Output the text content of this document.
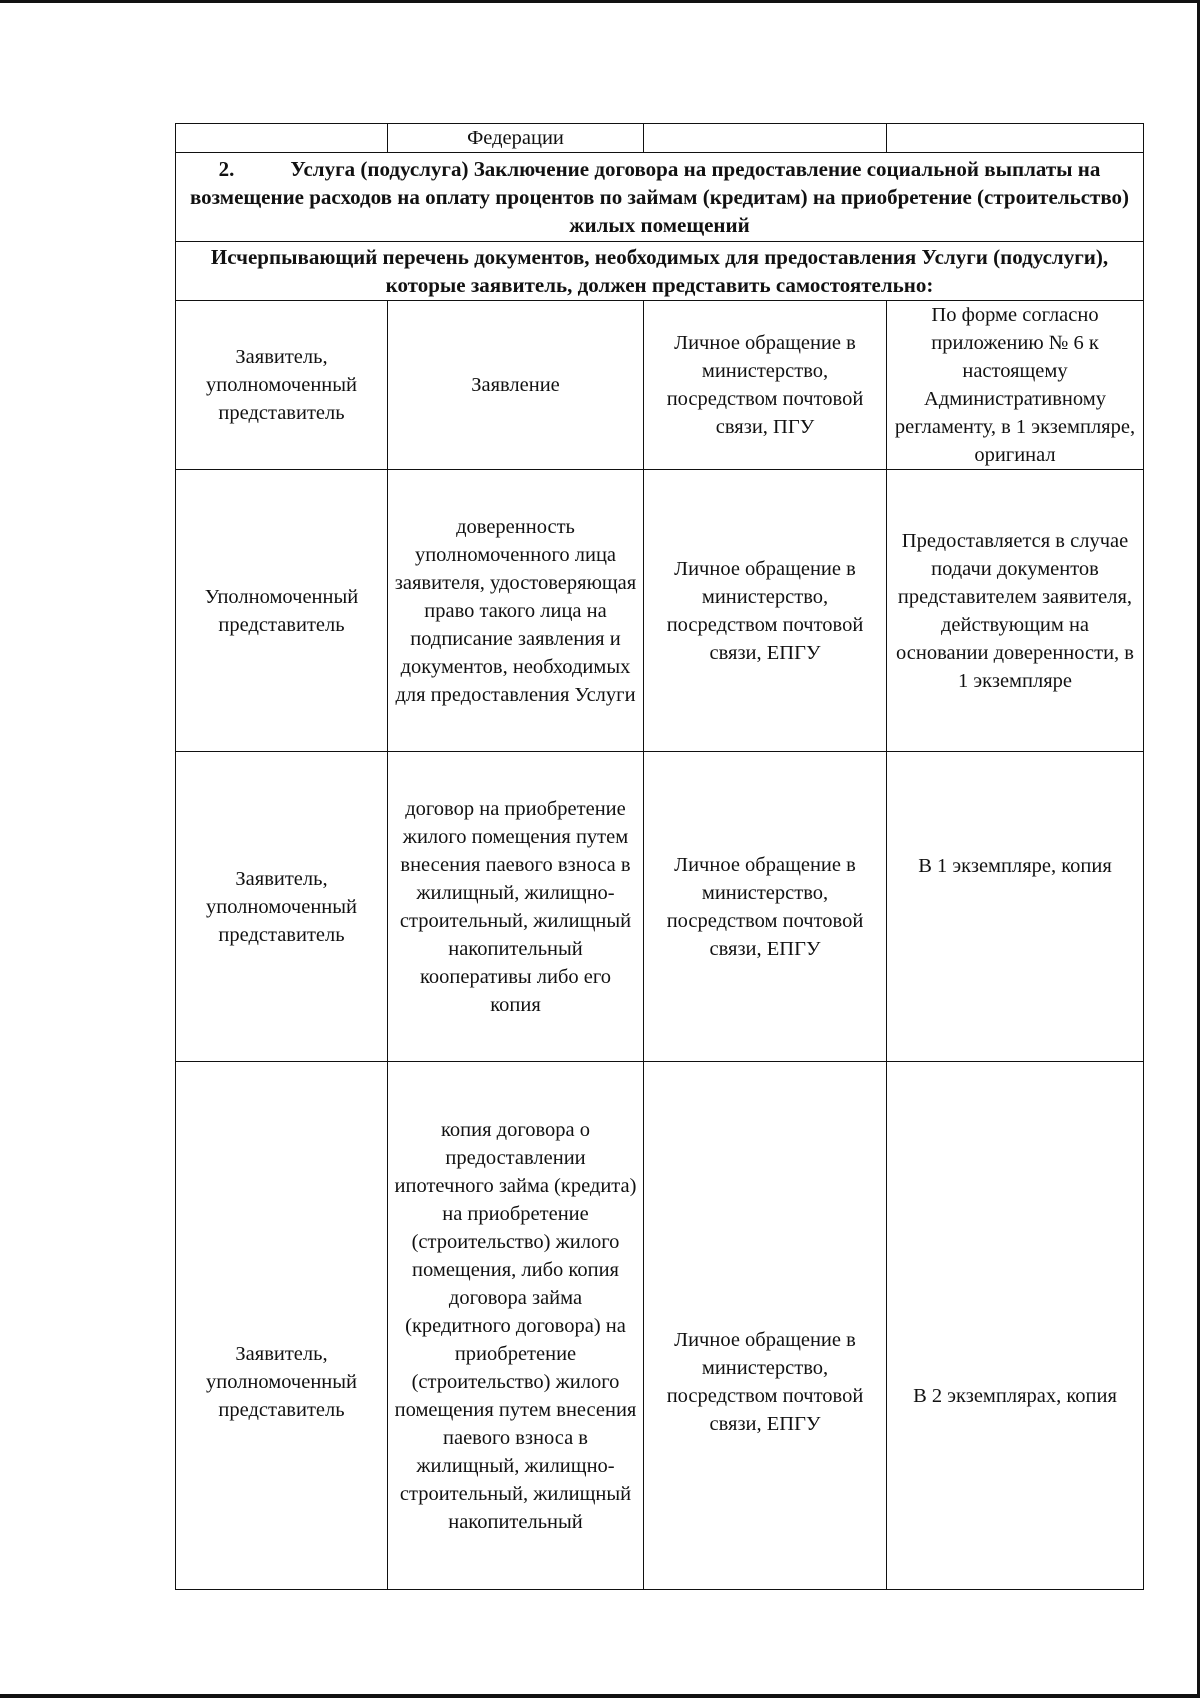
	Федерации		
2. Услуга (подуслуга) Заключение договора на предоставление социальной выплаты на возмещение расходов на оплату процентов по займам (кредитам) на приобретение (строительство) жилых помещений			
Исчерпывающий перечень документов, необходимых для предоставления Услуги (подуслуги), которые заявитель, должен представить самостоятельно:			
Заявитель, уполномоченный представитель	Заявление	Личное обращение в министерство, посредством почтовой связи, ПГУ	По форме согласно приложению № 6 к настоящему Административному регламенту, в 1 экземпляре, оригинал
Уполномоченный представитель	доверенность уполномоченного лица заявителя, удостоверяющая право такого лица на подписание заявления и документов, необходимых для предоставления Услуги	Личное обращение в министерство, посредством почтовой связи, ЕПГУ	Предоставляется в случае подачи документов представителем заявителя, действующим на основании доверенности, в 1 экземпляре
Заявитель, уполномоченный представитель	договор на приобретение жилого помещения путем внесения паевого взноса в жилищный, жилищно-строительный, жилищный накопительный кооперативы либо его копия	Личное обращение в министерство, посредством почтовой связи, ЕПГУ	В 1 экземпляре, копия
Заявитель, уполномоченный представитель	копия договора о предоставлении ипотечного займа (кредита) на приобретение (строительство) жилого помещения, либо копия договора займа (кредитного договора) на приобретение (строительство) жилого помещения путем внесения паевого взноса в жилищный, жилищно-строительный, жилищный накопительный	Личное обращение в министерство, посредством почтовой связи, ЕПГУ	В 2 экземплярах, копия
